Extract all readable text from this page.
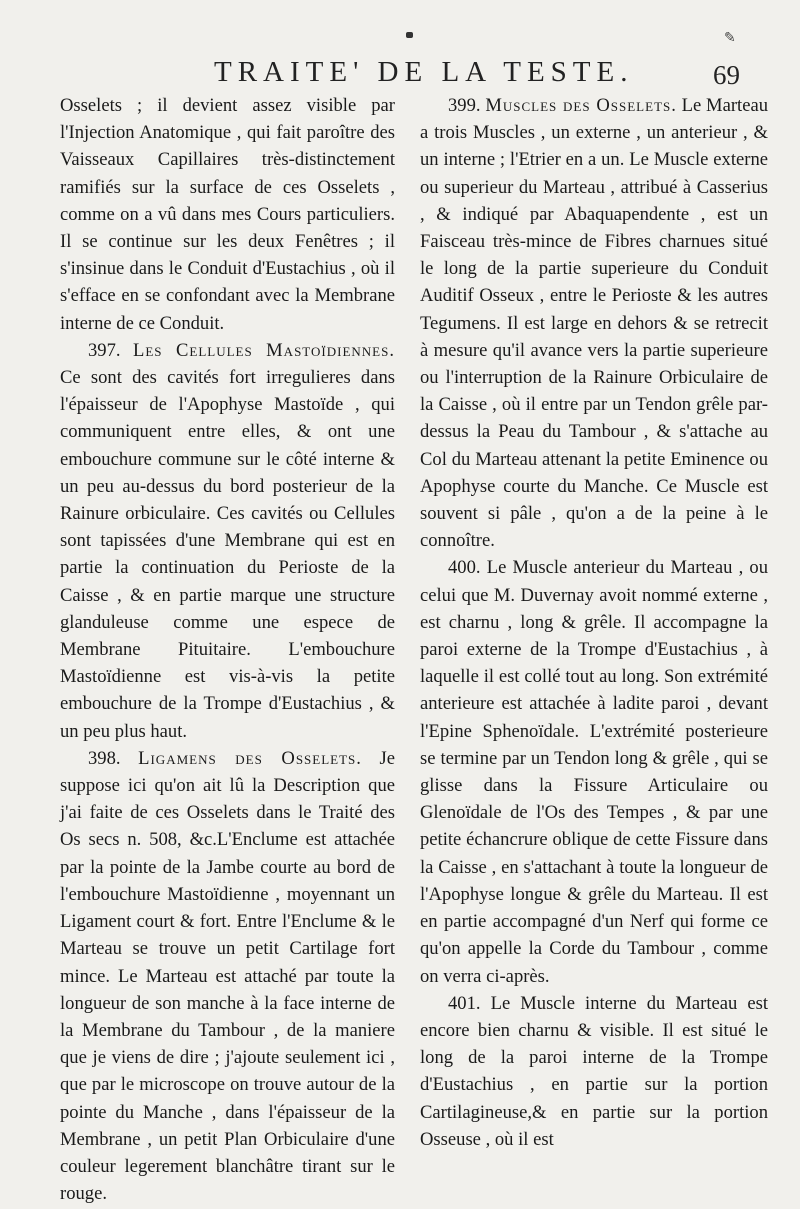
✎
TRAITE' DE LA TESTE.	69

Osselets ; il devient assez visible par l'Injection Anatomique , qui fait paroître des Vaisseaux Capillaires très-distinctement ramifiés sur la surface de ces Osselets , comme on a vû dans mes Cours particuliers. Il se continue sur les deux Fenêtres ; il s'insinue dans le Conduit d'Eustachius , où il s'efface en se confondant avec la Membrane interne de ce Conduit.

397. Les Cellules Mastoïdiennes. Ce sont des cavités fort irregulieres dans l'épaisseur de l'Apophyse Mastoïde , qui communiquent entre elles, & ont une embouchure commune sur le côté interne & un peu au-dessus du bord posterieur de la Rainure orbiculaire. Ces cavités ou Cellules sont tapissées d'une Membrane qui est en partie la continuation du Perioste de la Caisse , & en partie marque une structure glanduleuse comme une espece de Membrane Pituitaire. L'embouchure Mastoïdienne est vis-à-vis la petite embouchure de la Trompe d'Eustachius , & un peu plus haut.

398. Ligamens des Osselets. Je suppose ici qu'on ait lû la Description que j'ai faite de ces Osselets dans le Traité des Os secs n. 508, &c.L'Enclume est attachée par la pointe de la Jambe courte au bord de l'embouchure Mastoïdienne , moyennant un Ligament court & fort. Entre l'Enclume & le Marteau se trouve un petit Cartilage fort mince. Le Marteau est attaché par toute la longueur de son manche à la face interne de la Membrane du Tambour , de la maniere que je viens de dire ; j'ajoute seulement ici , que par le microscope on trouve autour de la pointe du Manche , dans l'épaisseur de la Membrane , un petit Plan Orbiculaire d'une couleur legerement blanchâtre tirant sur le rouge.

399. Muscles des Osselets. Le Marteau a trois Muscles , un externe , un anterieur , & un interne ; l'Etrier en a un. Le Muscle externe ou superieur du Marteau , attribué à Casserius , & indiqué par Abaquapendente , est un Faisceau très-mince de Fibres charnues situé le long de la partie superieure du Conduit Auditif Osseux , entre le Perioste & les autres Tegumens. Il est large en dehors & se retrecit à mesure qu'il avance vers la partie superieure ou l'interruption de la Rainure Orbiculaire de la Caisse , où il entre par un Tendon grêle par-dessus la Peau du Tambour , & s'attache au Col du Marteau attenant la petite Eminence ou Apophyse courte du Manche. Ce Muscle est souvent si pâle , qu'on a de la peine à le connoître.

400. Le Muscle anterieur du Marteau , ou celui que M. Duvernay avoit nommé externe , est charnu , long & grêle. Il accompagne la paroi externe de la Trompe d'Eustachius , à laquelle il est collé tout au long. Son extrémité anterieure est attachée à ladite paroi , devant l'Epine Sphenoïdale. L'extrémité posterieure se termine par un Tendon long & grêle , qui se glisse dans la Fissure Articulaire ou Glenoïdale de l'Os des Tempes , & par une petite échancrure oblique de cette Fissure dans la Caisse , en s'attachant à toute la longueur de l'Apophyse longue & grêle du Marteau. Il est en partie accompagné d'un Nerf qui forme ce qu'on appelle la Corde du Tambour , comme on verra ci-après.

401. Le Muscle interne du Marteau est encore bien charnu & visible. Il est situé le long de la paroi interne de la Trompe d'Eustachius , en partie sur la portion Cartilagineuse,& en partie sur la portion Osseuse , où il est
